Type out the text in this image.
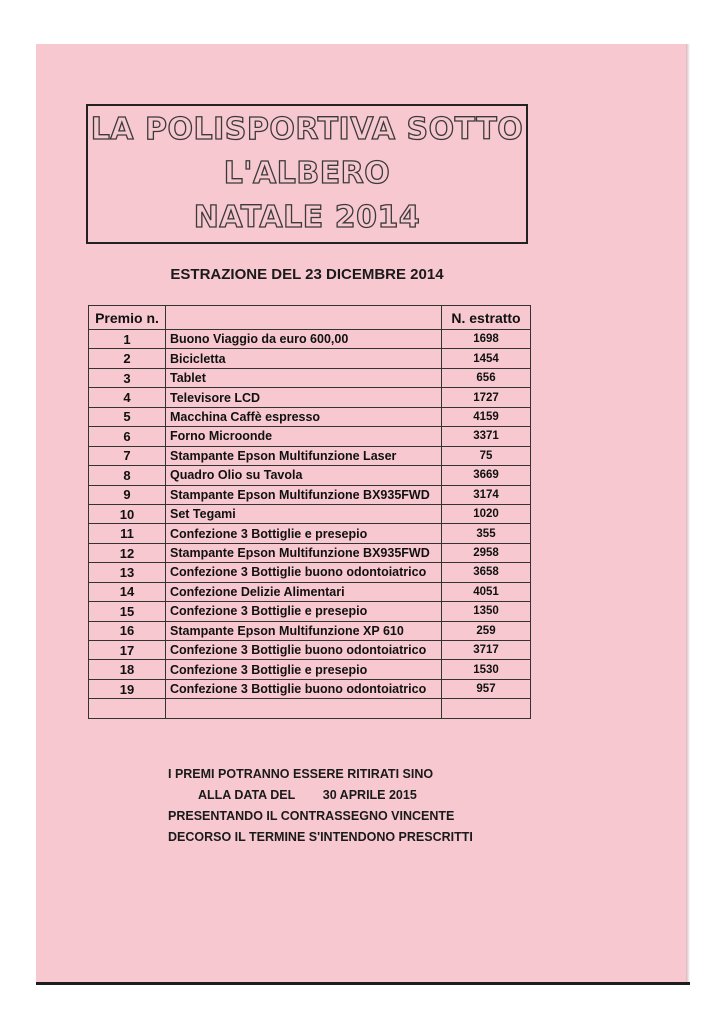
LA POLISPORTIVA SOTTO
L'ALBERO
NATALE 2014
ESTRAZIONE DEL 23 DICEMBRE 2014
Premio n.		N. estratto
1	Buono Viaggio da euro 600,00	1698
2	Bicicletta	1454
3	Tablet	656
4	Televisore LCD	1727
5	Macchina Caffè espresso	4159
6	Forno Microonde	3371
7	Stampante Epson Multifunzione Laser	75
8	Quadro Olio su Tavola	3669
9	Stampante Epson Multifunzione BX935FWD	3174
10	Set Tegami	1020
11	Confezione 3 Bottiglie e presepio	355
12	Stampante Epson Multifunzione BX935FWD	2958
13	Confezione 3 Bottiglie buono odontoiatrico	3658
14	Confezione Delizie Alimentari	4051
15	Confezione 3 Bottiglie e presepio	1350
16	Stampante Epson Multifunzione XP 610	259
17	Confezione 3 Bottiglie buono odontoiatrico	3717
18	Confezione 3 Bottiglie e presepio	1530
19	Confezione 3 Bottiglie buono odontoiatrico	957

I PREMI POTRANNO ESSERE RITIRATI SINO
ALLA DATA DEL        30 APRILE 2015
PRESENTANDO IL CONTRASSEGNO VINCENTE
DECORSO IL TERMINE S'INTENDONO PRESCRITTI
